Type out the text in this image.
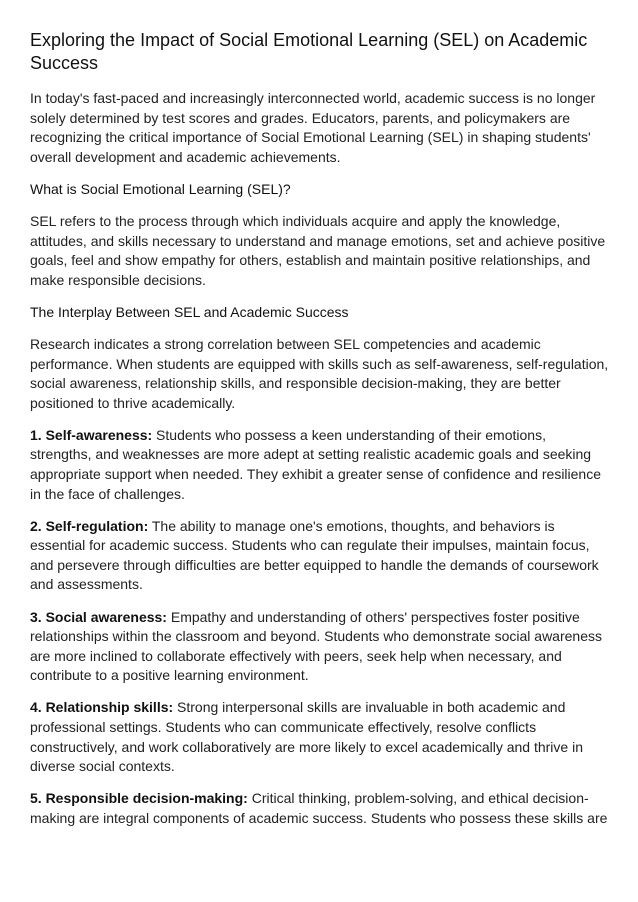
Exploring the Impact of Social Emotional Learning (SEL) on Academic Success

In today's fast-paced and increasingly interconnected world, academic success is no longer solely determined by test scores and grades. Educators, parents, and policymakers are recognizing the critical importance of Social Emotional Learning (SEL) in shaping students' overall development and academic achievements.

What is Social Emotional Learning (SEL)?

SEL refers to the process through which individuals acquire and apply the knowledge, attitudes, and skills necessary to understand and manage emotions, set and achieve positive goals, feel and show empathy for others, establish and maintain positive relationships, and make responsible decisions.

The Interplay Between SEL and Academic Success

Research indicates a strong correlation between SEL competencies and academic performance. When students are equipped with skills such as self-awareness, self-regulation, social awareness, relationship skills, and responsible decision-making, they are better positioned to thrive academically.

1. Self-awareness: Students who possess a keen understanding of their emotions, strengths, and weaknesses are more adept at setting realistic academic goals and seeking appropriate support when needed. They exhibit a greater sense of confidence and resilience in the face of challenges.

2. Self-regulation: The ability to manage one's emotions, thoughts, and behaviors is essential for academic success. Students who can regulate their impulses, maintain focus, and persevere through difficulties are better equipped to handle the demands of coursework and assessments.

3. Social awareness: Empathy and understanding of others' perspectives foster positive relationships within the classroom and beyond. Students who demonstrate social awareness are more inclined to collaborate effectively with peers, seek help when necessary, and contribute to a positive learning environment.

4. Relationship skills: Strong interpersonal skills are invaluable in both academic and professional settings. Students who can communicate effectively, resolve conflicts constructively, and work collaboratively are more likely to excel academically and thrive in diverse social contexts.

5. Responsible decision-making: Critical thinking, problem-solving, and ethical decision-making are integral components of academic success. Students who possess these skills are
